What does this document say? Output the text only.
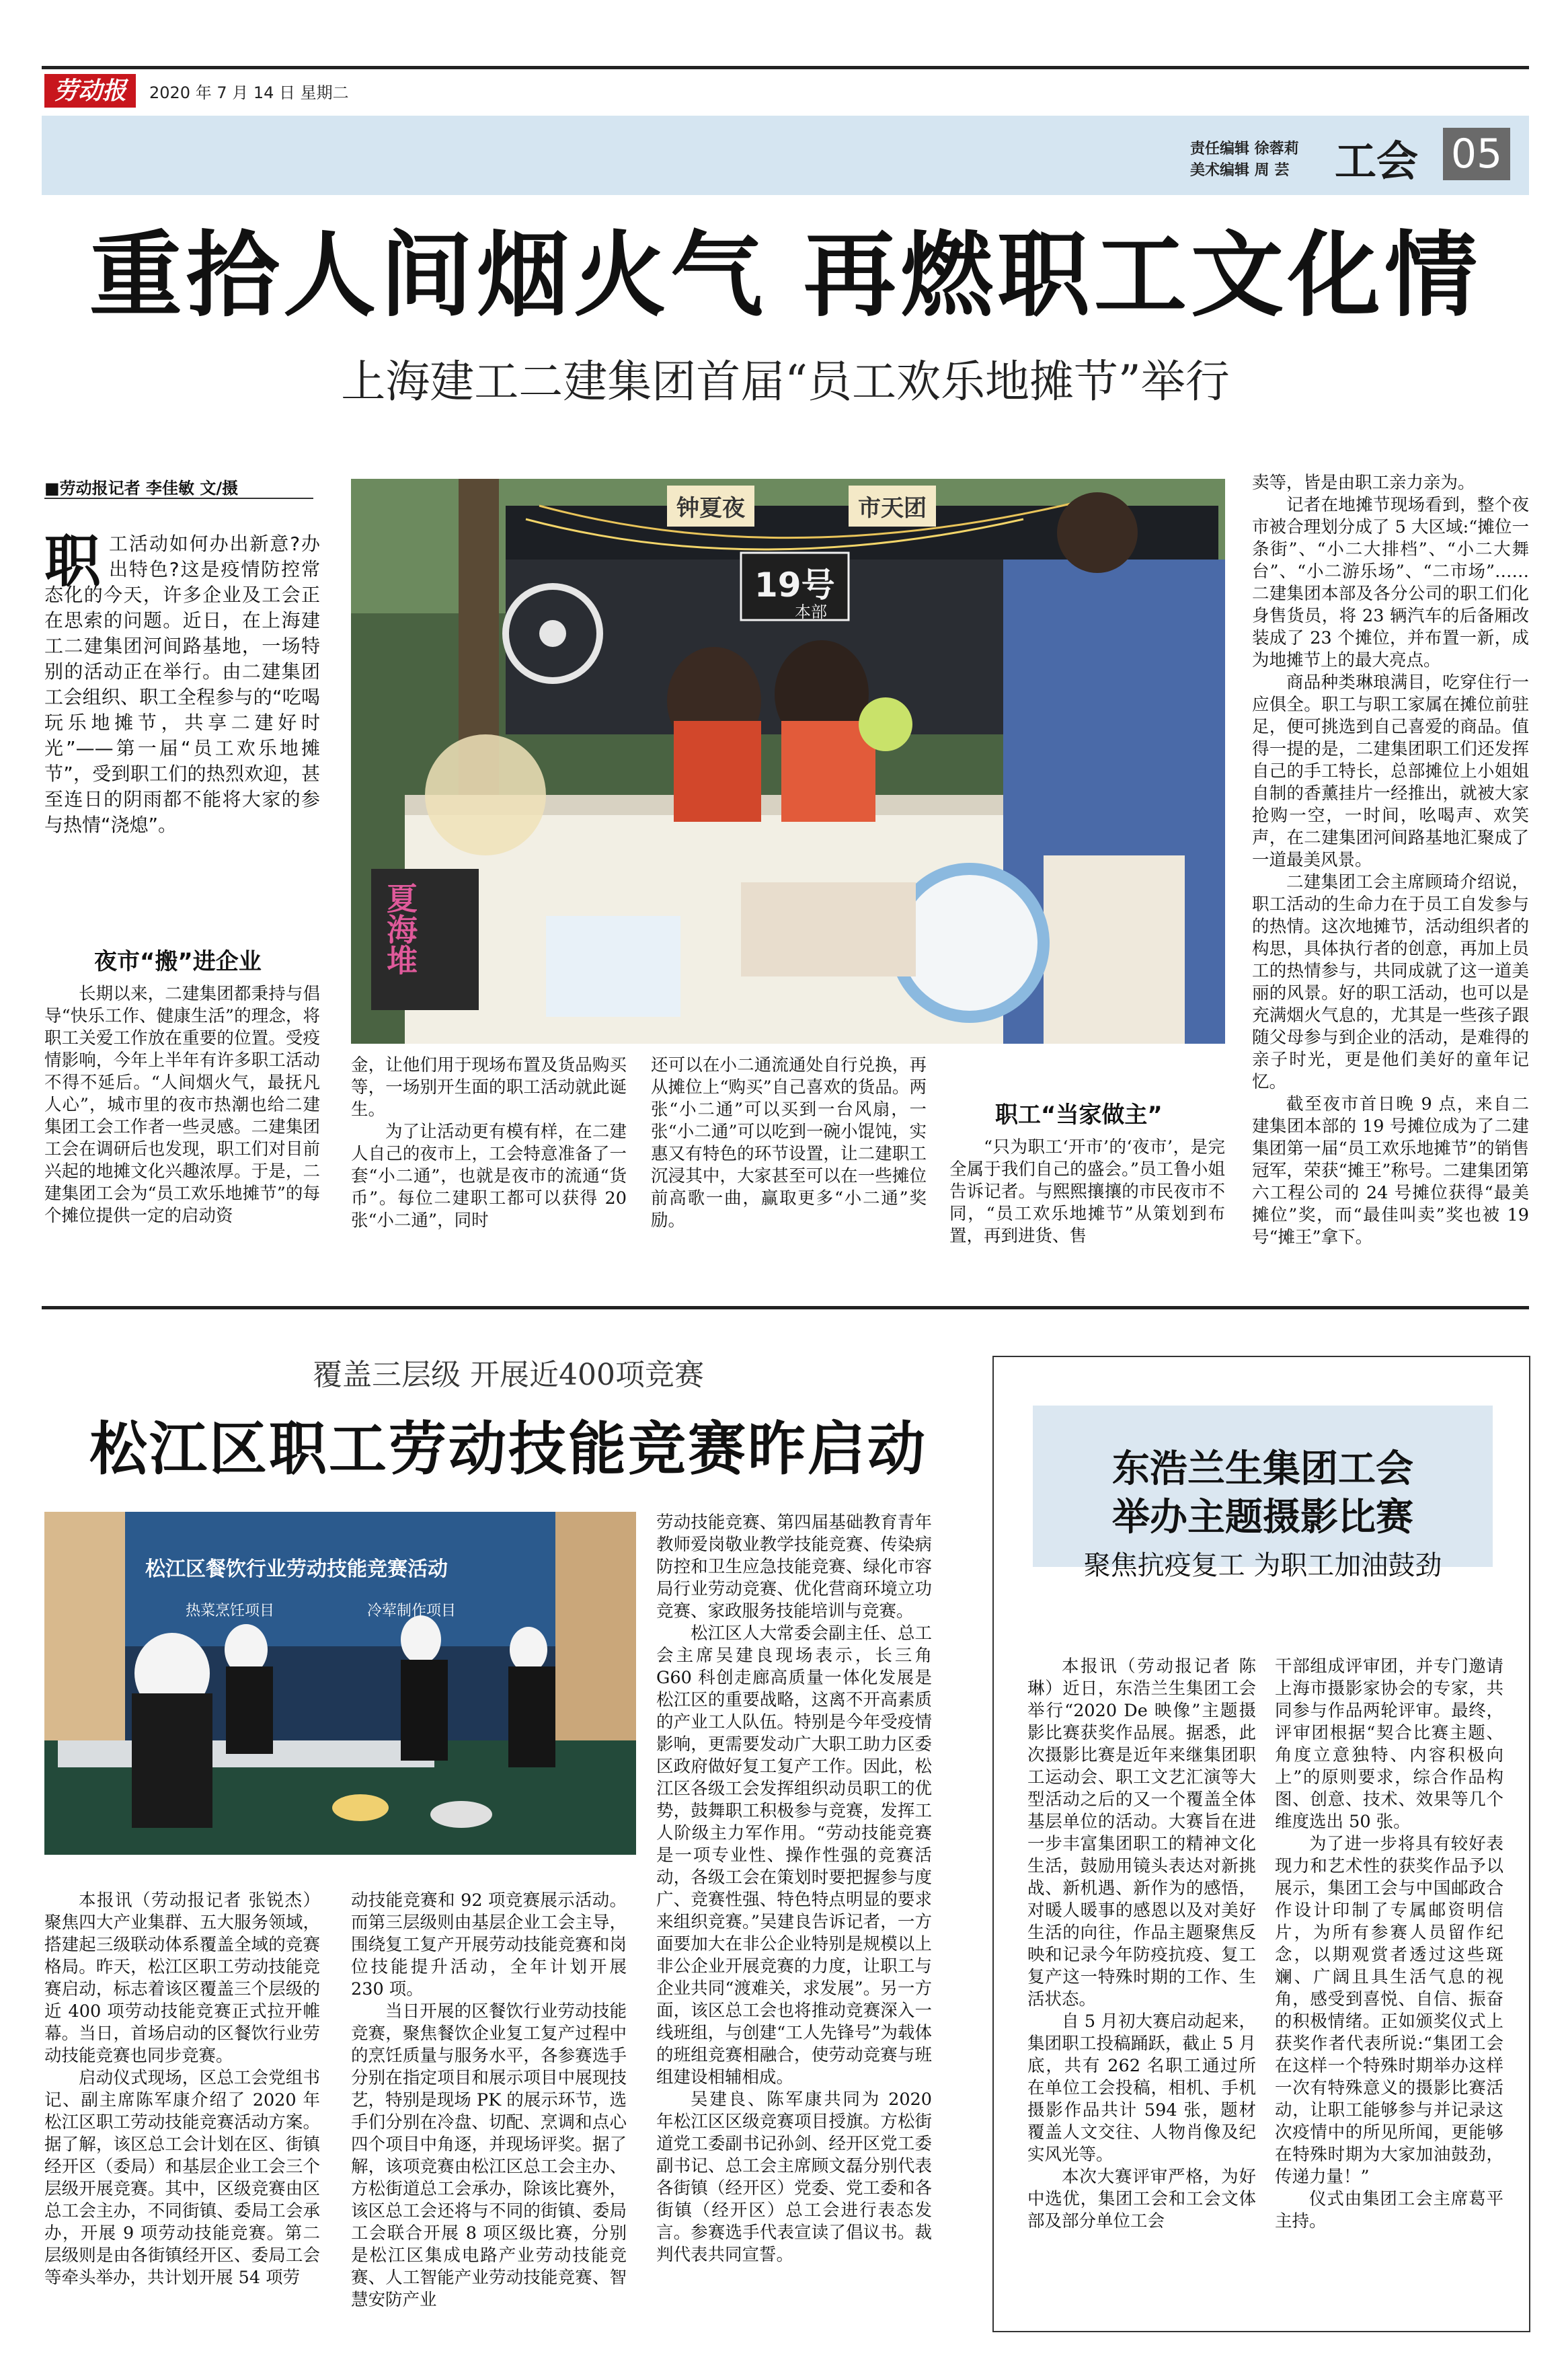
劳动报	2020 年 7 月 14 日 星期二
责任编辑 徐蓉莉
美术编辑 周 芸 工会 05
重拾人间烟火气 再燃职工文化情
上海建工二建集团首届“员工欢乐地摊节”举行
■劳动报记者 李佳敏 文/摄
职 工活动如何办出新意?办出特色?这是疫情防控常态化的今天，许多企业及工会正在思索的问题。近日，在上海建工二建集团河间路基地，一场特别的活动正在举行。由二建集团工会组织、职工全程参与的“吃喝玩乐地摊节，共享二建好时光”——第一届“员工欢乐地摊节”，受到职工们的热烈欢迎，甚至连日的阴雨都不能将大家的参与热情“浇熄”。
钟夏夜	市天团
19号
本部
夏海堆
夜市“搬”进企业

长期以来，二建集团都秉持与倡导“快乐工作、健康生活”的理念，将职工关爱工作放在重要的位置。受疫情影响，今年上半年有许多职工活动不得不延后。“人间烟火气，最抚凡人心”，城市里的夜市热潮也给二建集团工会工作者一些灵感。二建集团工会在调研后也发现，职工们对目前兴起的地摊文化兴趣浓厚。于是，二建集团工会为“员工欢乐地摊节”的每个摊位提供一定的启动资

金，让他们用于现场布置及货品购买等，一场别开生面的职工活动就此诞生。

为了让活动更有模有样，在二建人自己的夜市上，工会特意准备了一套“小二通”，也就是夜市的流通“货币”。每位二建职工都可以获得 20 张“小二通”，同时

还可以在小二通流通处自行兑换，再从摊位上“购买”自己喜欢的货品。两张“小二通”可以买到一台风扇，一张“小二通”可以吃到一碗小馄饨，实惠又有特色的环节设置，让二建职工沉浸其中，大家甚至可以在一些摊位前高歌一曲，赢取更多“小二通”奖励。

职工“当家做主”

“只为职工‘开市’的‘夜市’，是完全属于我们自己的盛会。”员工鲁小姐告诉记者。与熙熙攘攘的市民夜市不同，“员工欢乐地摊节”从策划到布置，再到进货、售

卖等，皆是由职工亲力亲为。

记者在地摊节现场看到，整个夜市被合理划分成了 5 大区域:“摊位一条街”、“小二大排档”、“小二大舞台”、“小二游乐场”、“二市场”……二建集团本部及各分公司的职工们化身售货员，将 23 辆汽车的后备厢改装成了 23 个摊位，并布置一新，成为地摊节上的最大亮点。

商品种类琳琅满目，吃穿住行一应俱全。职工与职工家属在摊位前驻足，便可挑选到自己喜爱的商品。值得一提的是，二建集团职工们还发挥自己的手工特长，总部摊位上小姐姐自制的香薰挂片一经推出，就被大家抢购一空，一时间，吆喝声、欢笑声，在二建集团河间路基地汇聚成了一道最美风景。

二建集团工会主席顾琦介绍说，职工活动的生命力在于员工自发参与的热情。这次地摊节，活动组织者的构思，具体执行者的创意，再加上员工的热情参与，共同成就了这一道美丽的风景。好的职工活动，也可以是充满烟火气息的，尤其是一些孩子跟随父母参与到企业的活动，是难得的亲子时光，更是他们美好的童年记忆。

截至夜市首日晚 9 点，来自二建集团本部的 19 号摊位成为了二建集团第一届“员工欢乐地摊节”的销售冠军，荣获“摊王”称号。二建集团第六工程公司的 24 号摊位获得“最美摊位”奖，而“最佳叫卖”奖也被 19 号“摊王”拿下。

覆盖三层级 开展近400项竞赛
松江区职工劳动技能竞赛昨启动
松江区餐饮行业劳动技能竞赛活动
冷荤制作项目
热菜烹饪项目

本报讯（劳动报记者 张锐杰）聚焦四大产业集群、五大服务领域，搭建起三级联动体系覆盖全域的竞赛格局。昨天，松江区职工劳动技能竞赛启动，标志着该区覆盖三个层级的近 400 项劳动技能竞赛正式拉开帷幕。当日，首场启动的区餐饮行业劳动技能竞赛也同步竞赛。

启动仪式现场，区总工会党组书记、副主席陈军康介绍了 2020 年松江区职工劳动技能竞赛活动方案。据了解，该区总工会计划在区、街镇经开区（委局）和基层企业工会三个层级开展竞赛。其中，区级竞赛由区总工会主办，不同街镇、委局工会承办，开展 9 项劳动技能竞赛。第二层级则是由各街镇经开区、委局工会等牵头举办，共计划开展 54 项劳

动技能竞赛和 92 项竞赛展示活动。而第三层级则由基层企业工会主导，围绕复工复产开展劳动技能竞赛和岗位技能提升活动，全年计划开展 230 项。

当日开展的区餐饮行业劳动技能竞赛，聚焦餐饮企业复工复产过程中的烹饪质量与服务水平，各参赛选手分别在指定项目和展示项目中展现技艺，特别是现场 PK 的展示环节，选手们分别在冷盘、切配、烹调和点心四个项目中角逐，并现场评奖。据了解，该项竞赛由松江区总工会主办、方松街道总工会承办，除该比赛外，该区总工会还将与不同的街镇、委局工会联合开展 8 项区级比赛，分别是松江区集成电路产业劳动技能竞赛、人工智能产业劳动技能竞赛、智慧安防产业

劳动技能竞赛、第四届基础教育青年教师爱岗敬业教学技能竞赛、传染病防控和卫生应急技能竞赛、绿化市容局行业劳动竞赛、优化营商环境立功竞赛、家政服务技能培训与竞赛。

松江区人大常委会副主任、总工会主席吴建良现场表示，长三角 G60 科创走廊高质量一体化发展是松江区的重要战略，这离不开高素质的产业工人队伍。特别是今年受疫情影响，更需要发动广大职工助力区委区政府做好复工复产工作。因此，松江区各级工会发挥组织动员职工的优势，鼓舞职工积极参与竞赛，发挥工人阶级主力军作用。“劳动技能竞赛是一项专业性、操作性强的竞赛活动，各级工会在策划时要把握参与度广、竞赛性强、特色特点明显的要求来组织竞赛。”吴建良告诉记者，一方面要加大在非公企业特别是规模以上非公企业开展竞赛的力度，让职工与企业共同“渡难关，求发展”。另一方面，该区总工会也将推动竞赛深入一线班组，与创建“工人先锋号”为载体的班组竞赛相融合，使劳动竞赛与班组建设相辅相成。

吴建良、陈军康共同为 2020 年松江区区级竞赛项目授旗。方松街道党工委副书记孙剑、经开区党工委副书记、总工会主席顾文磊分别代表各街镇（经开区）党委、党工委和各街镇（经开区）总工会进行表态发言。参赛选手代表宣读了倡议书。裁判代表共同宣誓。

东浩兰生集团工会
举办主题摄影比赛
聚焦抗疫复工 为职工加油鼓劲

本报讯（劳动报记者 陈琳）近日，东浩兰生集团工会举行“2020 De 映像”主题摄影比赛获奖作品展。据悉，此次摄影比赛是近年来继集团职工运动会、职工文艺汇演等大型活动之后的又一个覆盖全体基层单位的活动。大赛旨在进一步丰富集团职工的精神文化生活，鼓励用镜头表达对新挑战、新机遇、新作为的感悟，对暖人暖事的感恩以及对美好生活的向往，作品主题聚焦反映和记录今年防疫抗疫、复工复产这一特殊时期的工作、生活状态。

自 5 月初大赛启动起来，集团职工投稿踊跃，截止 5 月底，共有 262 名职工通过所在单位工会投稿，相机、手机摄影作品共计 594 张，题材覆盖人文交往、人物肖像及纪实风光等。

本次大赛评审严格，为好中选优，集团工会和工会文体部及部分单位工会

干部组成评审团，并专门邀请上海市摄影家协会的专家，共同参与作品两轮评审。最终，评审团根据“契合比赛主题、角度立意独特、内容积极向上”的原则要求，综合作品构图、创意、技术、效果等几个维度选出 50 张。

为了进一步将具有较好表现力和艺术性的获奖作品予以展示，集团工会与中国邮政合作设计印制了专属邮资明信片，为所有参赛人员留作纪念，以期观赏者透过这些斑斓、广阔且具生活气息的视角，感受到喜悦、自信、振奋的积极情绪。正如颁奖仪式上获奖作者代表所说:“集团工会在这样一个特殊时期举办这样一次有特殊意义的摄影比赛活动，让职工能够参与并记录这次疫情中的所见所闻，更能够在特殊时期为大家加油鼓劲，传递力量！”

仪式由集团工会主席葛平主持。
